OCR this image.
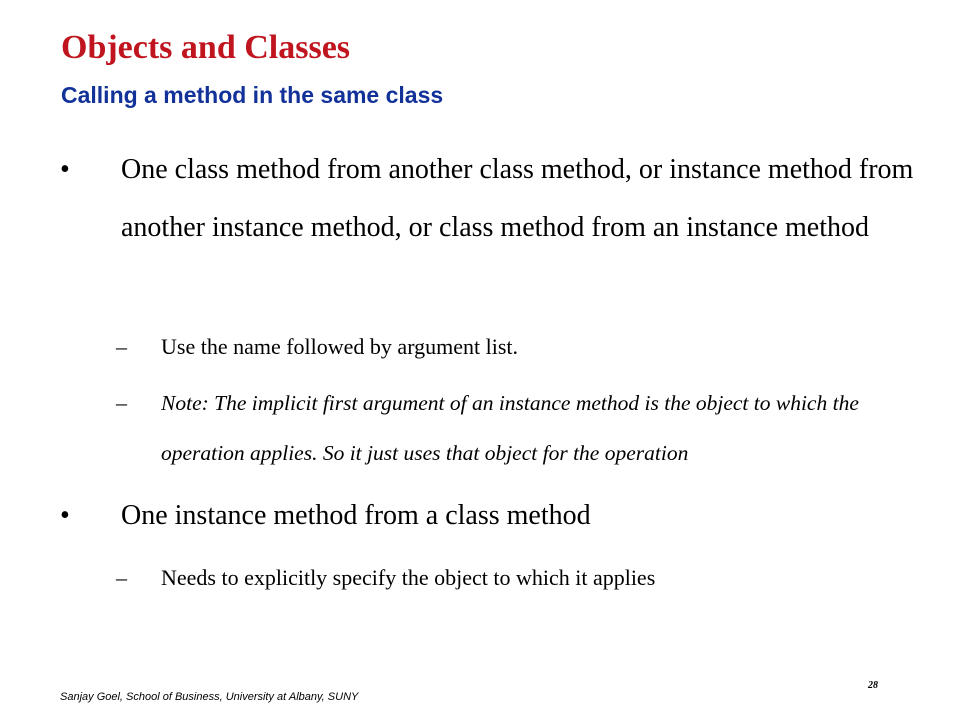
Objects and Classes
Calling a method in the same class
• One class method from another class method, or instance method from another instance method, or class method from an instance method
– Use the name followed by argument list.
– Note: The implicit first argument of an instance method is the object to which the operation applies. So it just uses that object for the operation
• One instance method from a class method
– Needs to explicitly specify the object to which it applies
Sanjay Goel, School of Business, University at Albany, SUNY
28
